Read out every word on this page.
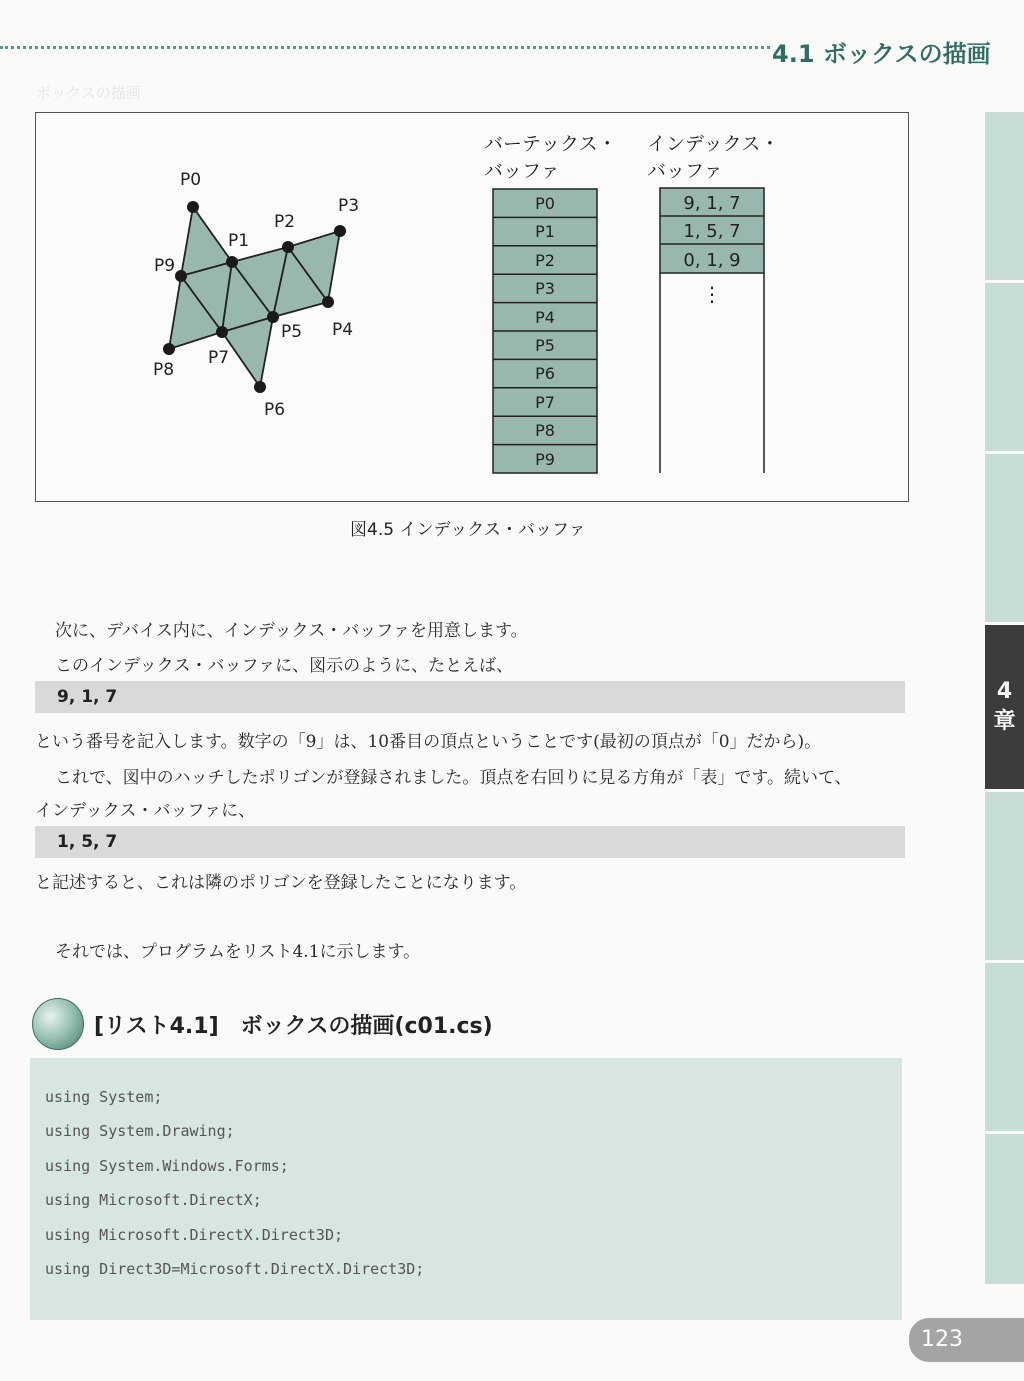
4.1 ボックスの描画
ボックスの描画
4
章
P0
P1
P2
P3
P4
P5
P6
P7
P8
P9
バーテックス・
バッファ
インデックス・
バッファ
P0
P1
P2
P3
P4
P5
P6
P7
P8
P9
9, 1, 7
1, 5, 7
0, 1, 9
⋮
図4.5 インデックス・バッファ
次に、デバイス内に、インデックス・バッファを用意します。
このインデックス・バッファに、図示のように、たとえば、
9, 1, 7
という番号を記入します。数字の「9」は、10番目の頂点ということです(最初の頂点が「0」だから)。
これで、図中のハッチしたポリゴンが登録されました。頂点を右回りに見る方角が「表」です。続いて、
インデックス・バッファに、
1, 5, 7
と記述すると、これは隣のポリゴンを登録したことになります。
それでは、プログラムをリスト4.1に示します。
[リスト4.1]　ボックスの描画(c01.cs)
using System;
using System.Drawing;
using System.Windows.Forms;
using Microsoft.DirectX;
using Microsoft.DirectX.Direct3D;
using Direct3D=Microsoft.DirectX.Direct3D;
123
